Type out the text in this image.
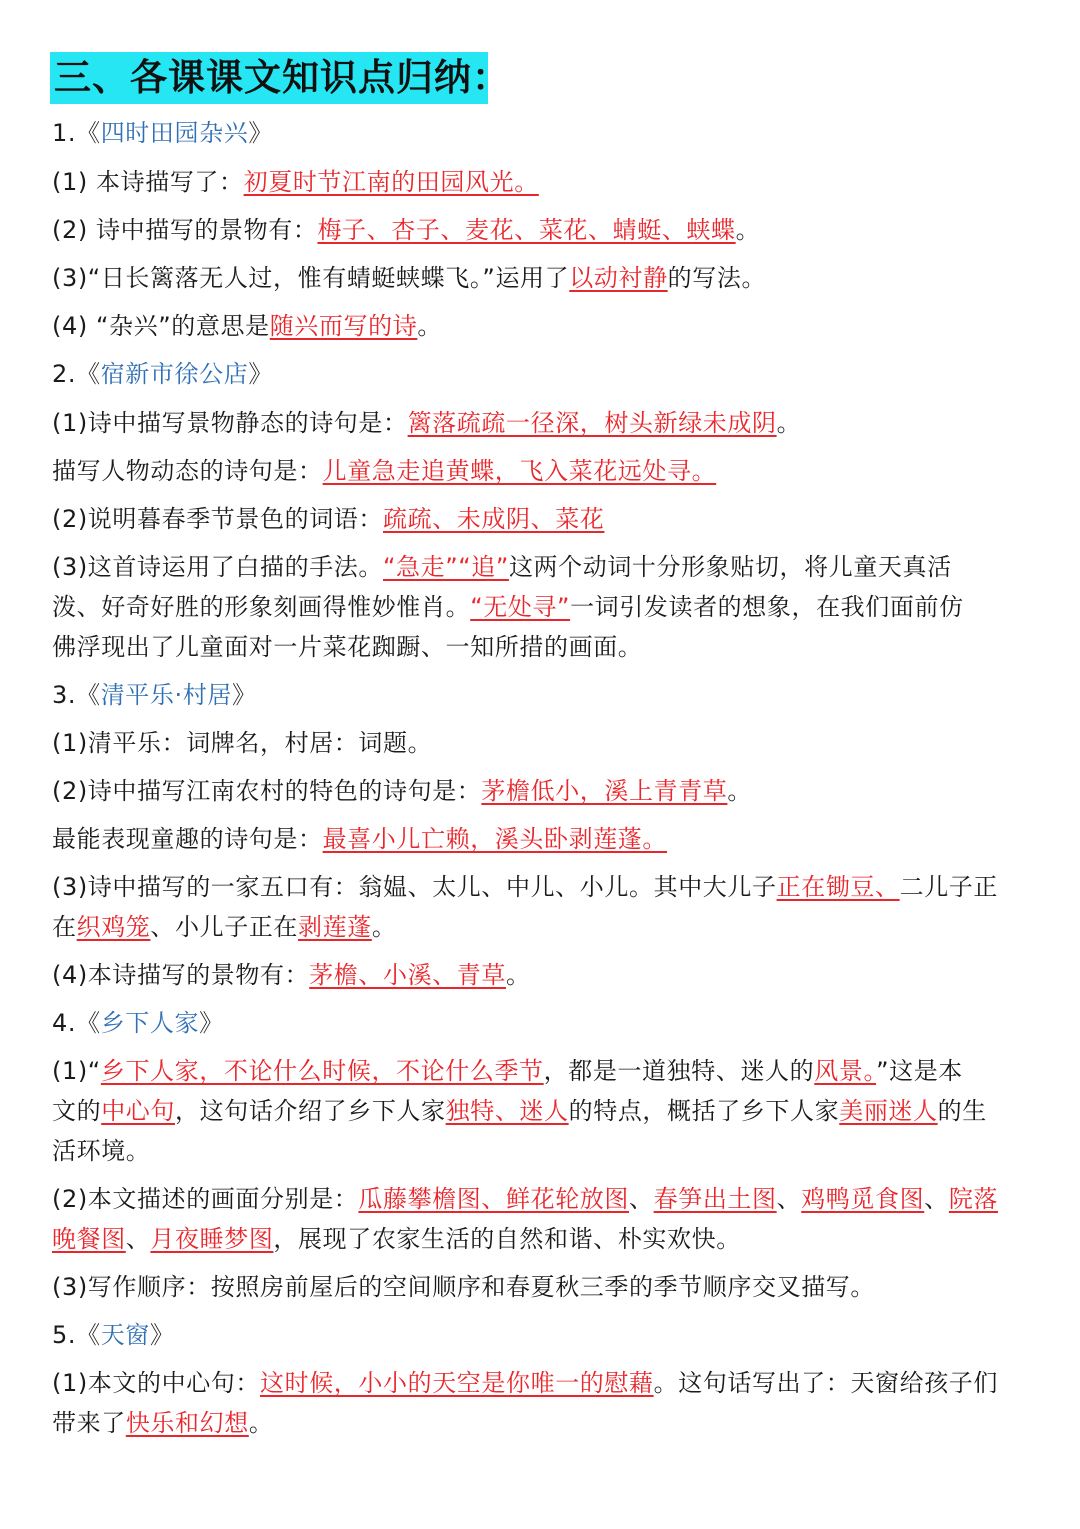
三、各课课文知识点归纳：
1.《四时田园杂兴》
(1) 本诗描写了：初夏时节江南的田园风光。
(2) 诗中描写的景物有：梅子、杏子、麦花、菜花、蜻蜓、蛱蝶。
(3)“日长篱落无人过，惟有蜻蜓蛱蝶飞。”运用了以动衬静的写法。
(4) “杂兴”的意思是随兴而写的诗。
2.《宿新市徐公店》
(1)诗中描写景物静态的诗句是：篱落疏疏一径深，树头新绿未成阴。
描写人物动态的诗句是：儿童急走追黄蝶，飞入菜花远处寻。
(2)说明暮春季节景色的词语：疏疏、未成阴、菜花
(3)这首诗运用了白描的手法。“急走”“追”这两个动词十分形象贴切，将儿童天真活
泼、好奇好胜的形象刻画得惟妙惟肖。“无处寻”一词引发读者的想象，在我们面前仿
佛浮现出了儿童面对一片菜花踟蹰、一知所措的画面。
3.《清平乐·村居》
(1)清平乐：词牌名，村居：词题。
(2)诗中描写江南农村的特色的诗句是：茅檐低小，溪上青青草。
最能表现童趣的诗句是：最喜小儿亡赖，溪头卧剥莲蓬。
(3)诗中描写的一家五口有：翁媪、太儿、中儿、小儿。其中大儿子正在锄豆、二儿子正
在织鸡笼、小儿子正在剥莲蓬。
(4)本诗描写的景物有：茅檐、小溪、青草。
4.《乡下人家》
(1)“乡下人家，不论什么时候，不论什么季节，都是一道独特、迷人的风景。”这是本
文的中心句，这句话介绍了乡下人家独特、迷人的特点，概括了乡下人家美丽迷人的生
活环境。
(2)本文描述的画面分别是：瓜藤攀檐图、鲜花轮放图、春笋出土图、鸡鸭觅食图、院落
晚餐图、月夜睡梦图，展现了农家生活的自然和谐、朴实欢快。
(3)写作顺序：按照房前屋后的空间顺序和春夏秋三季的季节顺序交叉描写。
5.《天窗》
(1)本文的中心句：这时候，小小的天空是你唯一的慰藉。这句话写出了：天窗给孩子们
带来了快乐和幻想。
